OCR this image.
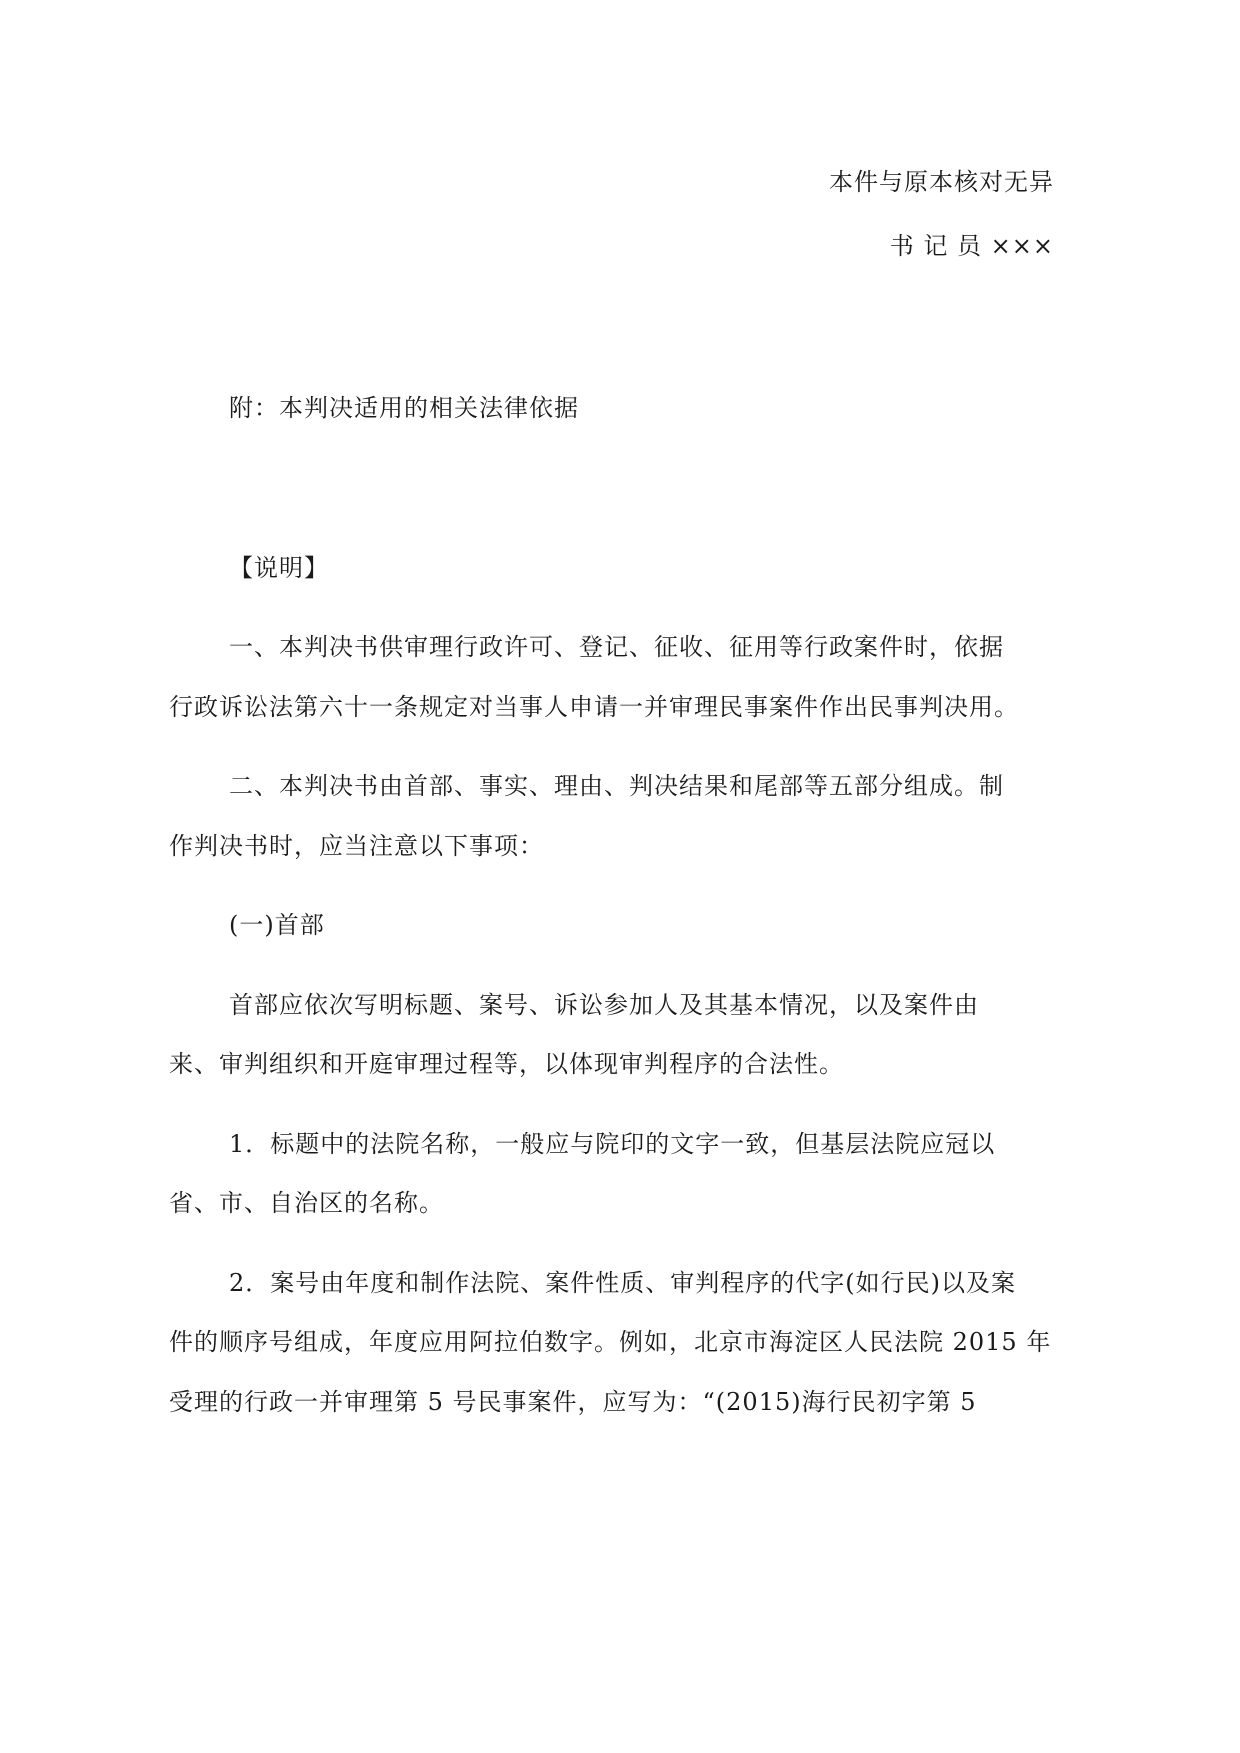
本件与原本核对无异
书 记 员 ×××
附：本判决适用的相关法律依据
【说明】
一、本判决书供审理行政许可、登记、征收、征用等行政案件时，依据
行政诉讼法第六十一条规定对当事人申请一并审理民事案件作出民事判决用。
二、本判决书由首部、事实、理由、判决结果和尾部等五部分组成。制
作判决书时，应当注意以下事项：
(一)首部
首部应依次写明标题、案号、诉讼参加人及其基本情况，以及案件由
来、审判组织和开庭审理过程等，以体现审判程序的合法性。
1．标题中的法院名称，一般应与院印的文字一致，但基层法院应冠以
省、市、自治区的名称。
2．案号由年度和制作法院、案件性质、审判程序的代字(如行民)以及案
件的顺序号组成，年度应用阿拉伯数字。例如，北京市海淀区人民法院 2015 年
受理的行政一并审理第 5 号民事案件，应写为：“(2015)海行民初字第 5
